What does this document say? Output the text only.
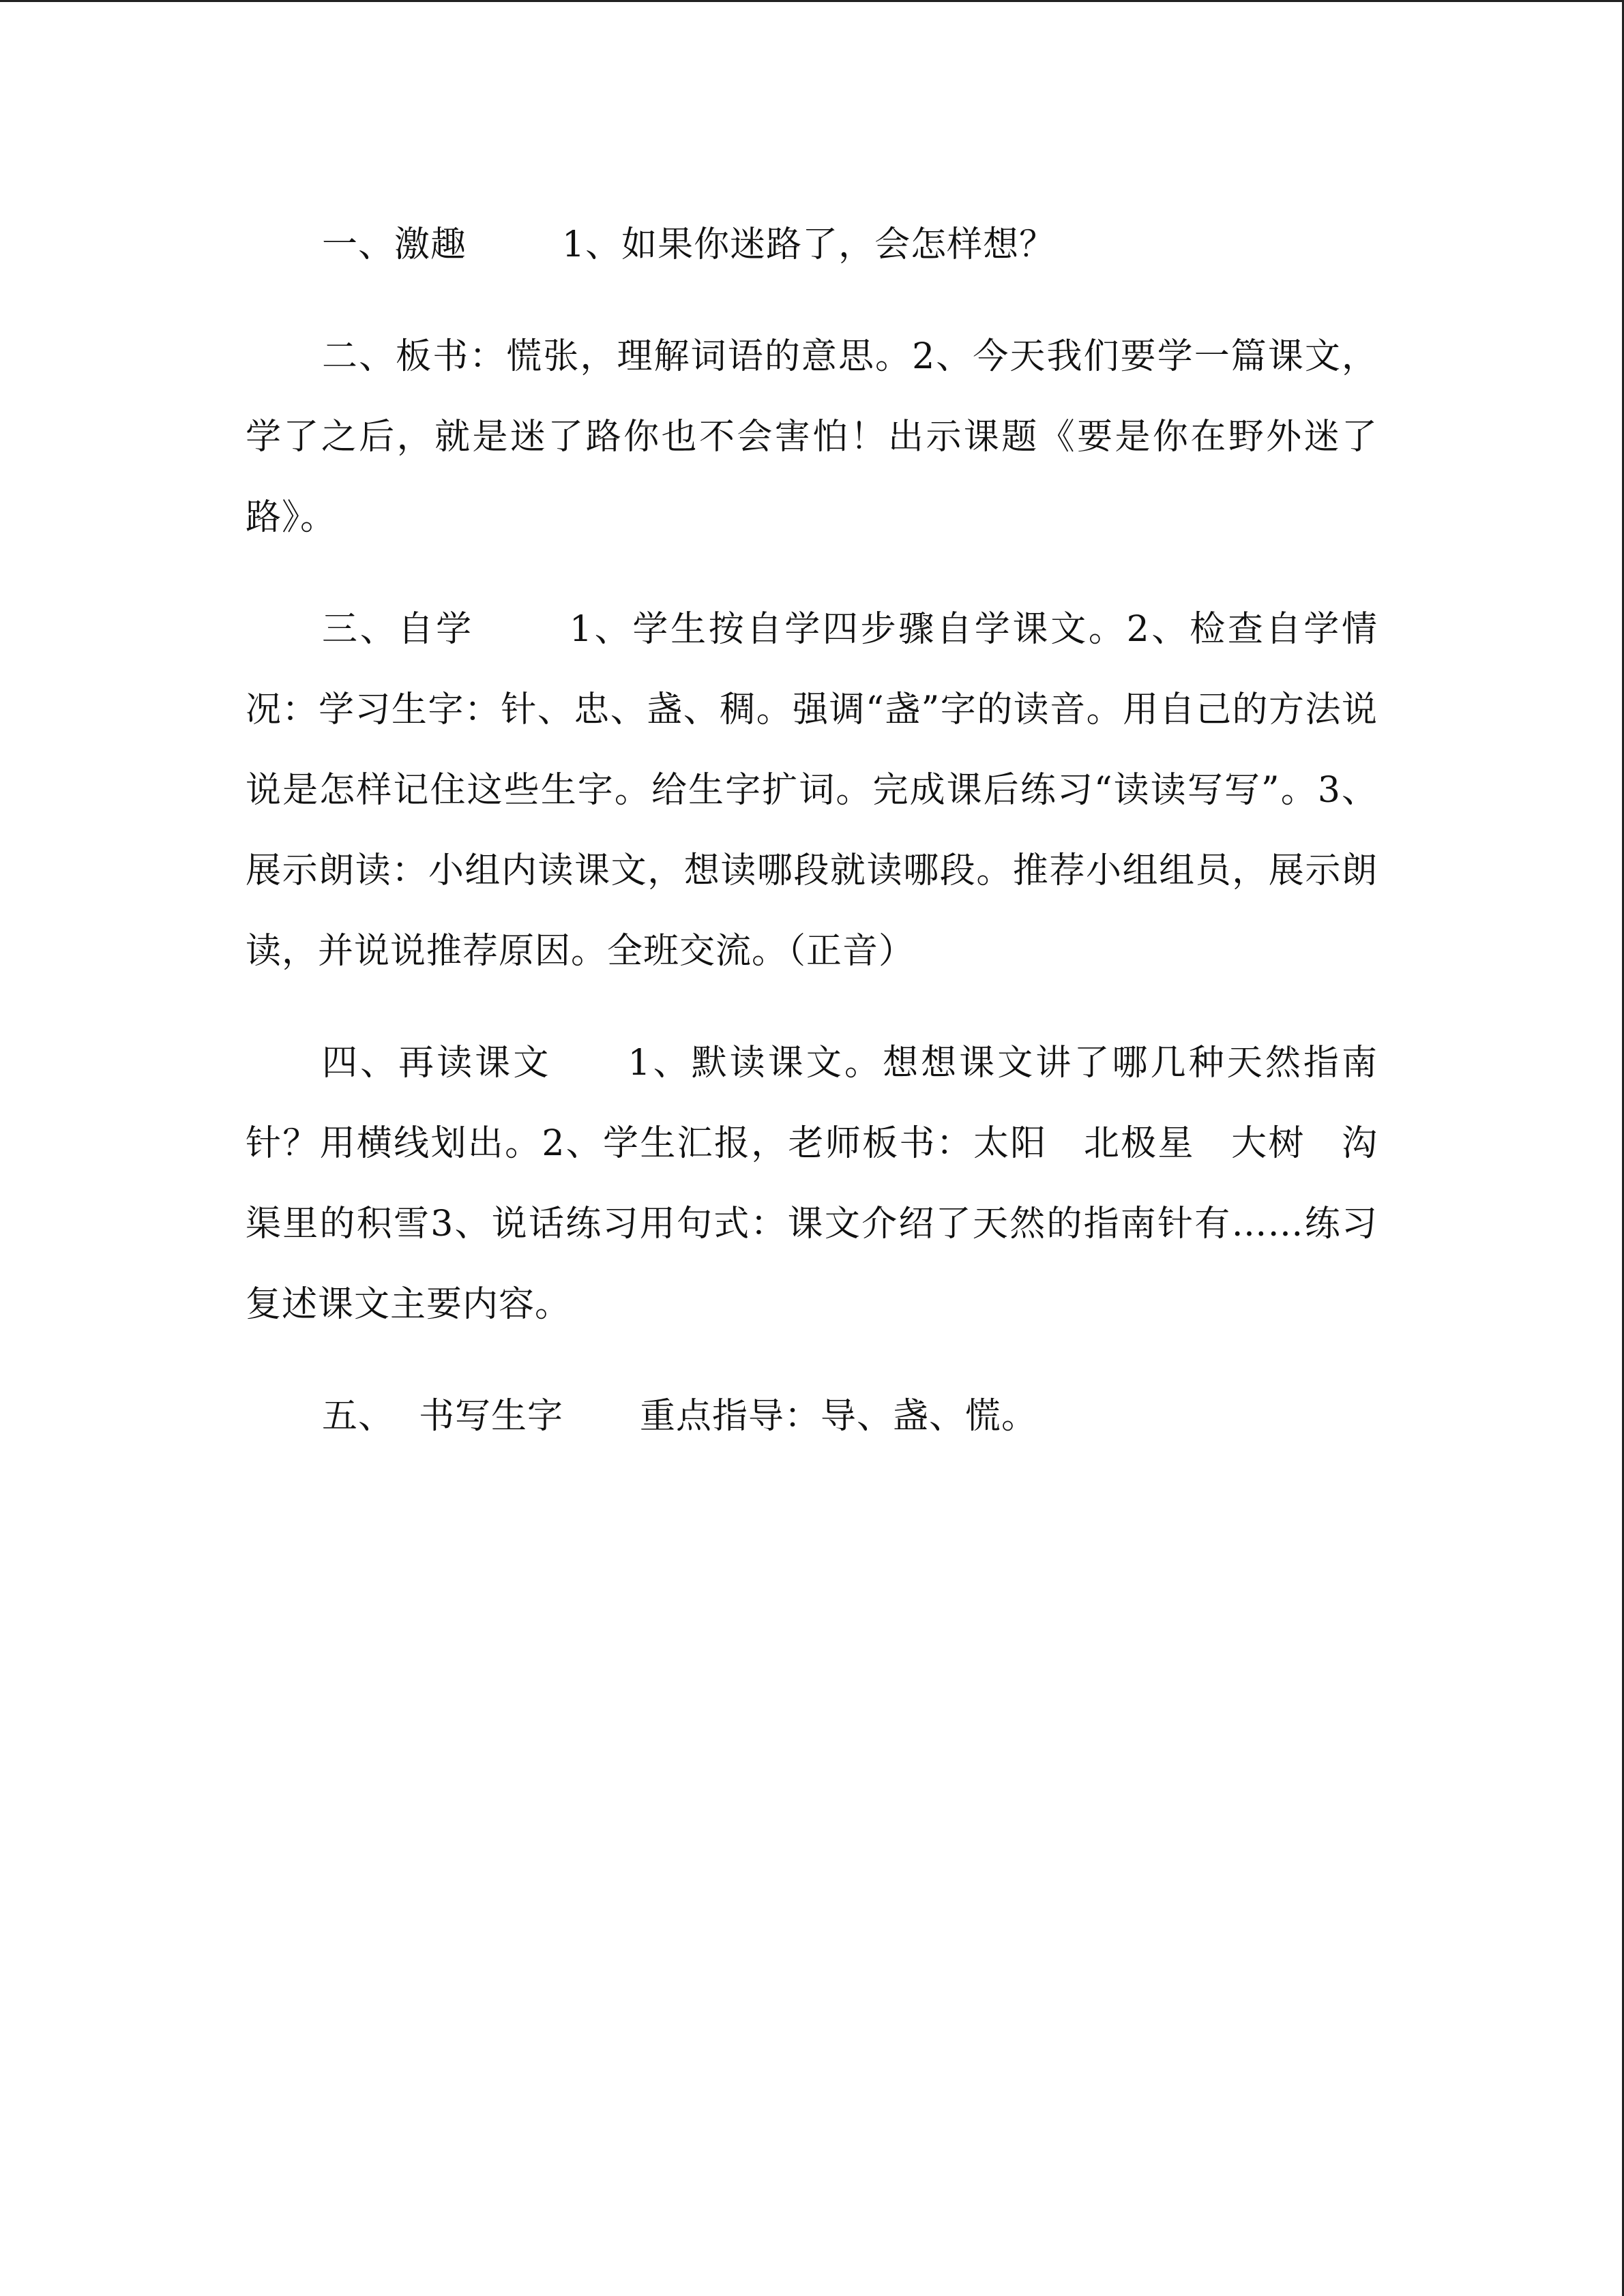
一、激趣	1、如果你迷路了，会怎样想？

二、板书：慌张，理解词语的意思。2、今天我们要学一篇课文，学了之后，就是迷了路你也不会害怕！出示课题《要是你在野外迷了路》。

三、自学	1、学生按自学四步骤自学课文。2、检查自学情况：学习生字：针、忠、盏、稠。强调“盏”字的读音。用自己的方法说说是怎样记住这些生字。给生字扩词。完成课后练习“读读写写”。3、展示朗读：小组内读课文，想读哪段就读哪段。推荐小组组员，展示朗读，并说说推荐原因。全班交流。（正音）

四、再读课文 1、默读课文。想想课文讲了哪几种天然指南针？用横线划出。2、学生汇报，老师板书：太阳 北极星 大树 沟渠里的积雪3、说话练习用句式：课文介绍了天然的指南针有……练习复述课文主要内容。

五、 书写生字 重点指导：导、盏、慌。
